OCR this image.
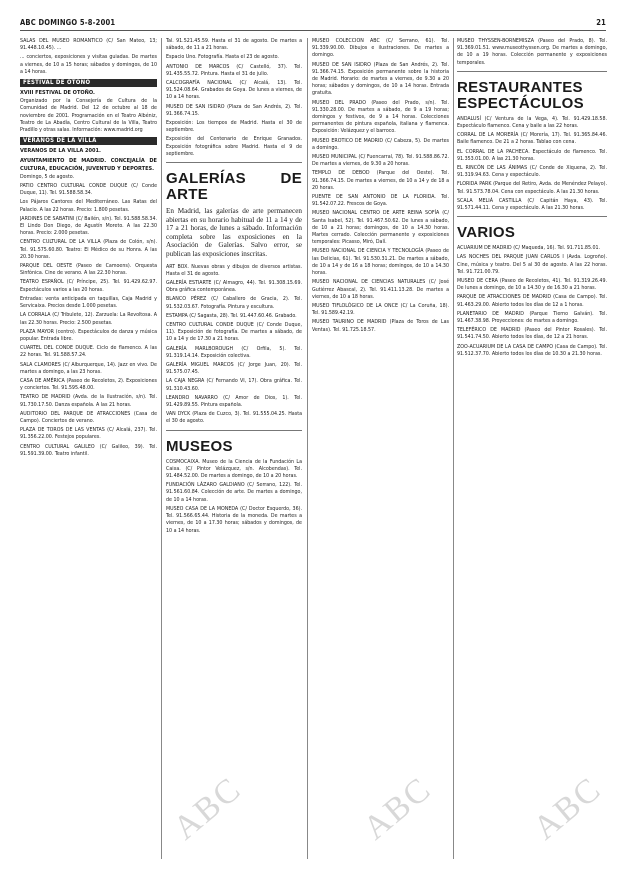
ABC DOMINGO 5-8-2001	21
SALAS DEL MUSEO ROMÁNTICO (C/ San Mateo, 13; 91.448.10.45). ...
... conciertos, exposiciones y visitas guiadas. De martes a viernes, de 10 a 15 horas; sábados y domingos, de 10 a 14 horas.
FESTIVAL DE OTOÑO
XVIII FESTIVAL DE OTOÑO.
Organizado por la Consejería de Cultura de la Comunidad de Madrid. Del 12 de octubre al 18 de noviembre de 2001. Programación en el Teatro Albéniz, Teatro de La Abadía, Centro Cultural de la Villa, Teatro Pradillo y otras salas. Información: www.madrid.org
VERANOS DE LA VILLA
VERANOS DE LA VILLA 2001.
AYUNTAMIENTO DE MADRID. CONCEJALÍA DE CULTURA, EDUCACIÓN, JUVENTUD Y DEPORTES.
Domingo, 5 de agosto.
PATIO CENTRO CULTURAL CONDE DUQUE (C/ Conde Duque, 11). Tel. 91.588.58.34.
Los Pájaros Cantores del Mediterráneo. Las Ratas del Palacio. A las 22 horas. Precio: 1.800 pesetas.
JARDINES DE SABATINI (C/ Bailén, s/n). Tel. 91.588.58.34. El Lindo Don Diego, de Agustín Moreto. A las 22.30 horas. Precio: 2.000 pesetas.
CENTRO CULTURAL DE LA VILLA (Plaza de Colón, s/n). Tel. 91.575.60.80. Teatro: El Médico de su Honra. A las 20.30 horas.
PARQUE DEL OESTE (Paseo de Camoens). Orquesta Sinfónica. Cine de verano. A las 22.30 horas.
TEATRO ESPAÑOL (C/ Príncipe, 25). Tel. 91.429.62.97. Espectáculos varios a las 20 horas.
Entradas: venta anticipada en taquillas, Caja Madrid y Servicaixa. Precios desde 1.000 pesetas.
LA CORRALA (C/ Tribulete, 12). Zarzuela: La Revoltosa. A las 22.30 horas. Precio: 2.500 pesetas.
PLAZA MAYOR (centro). Espectáculos de danza y música popular. Entrada libre.
CUARTEL DEL CONDE DUQUE. Ciclo de flamenco. A las 22 horas. Tel. 91.588.57.24.
SALA CLAMORES (C/ Alburquerque, 14). Jazz en vivo. De martes a domingo, a las 23 horas.
CASA DE AMÉRICA (Paseo de Recoletos, 2). Exposiciones y conciertos. Tel. 91.595.48.00.
TEATRO DE MADRID (Avda. de la Ilustración, s/n). Tel. 91.730.17.50. Danza española. A las 21 horas.
AUDITORIO DEL PARQUE DE ATRACCIONES (Casa de Campo). Conciertos de verano.
PLAZA DE TOROS DE LAS VENTAS (C/ Alcalá, 237). Tel. 91.356.22.00. Festejos populares.
CENTRO CULTURAL GALILEO (C/ Galileo, 39). Tel. 91.591.39.00. Teatro infantil.
Tal. 91.521.45.59. Hasta el 31 de agosto. De martes a sábado, de 11 a 21 horas.
Espacio Uno. Fotografía. Hasta el 23 de agosto.
ANTONIO DE MARCOS (C/ Castelló, 37). Tel. 91.435.55.72. Pintura. Hasta el 31 de julio.
CALCOGRAFÍA NACIONAL (C/ Alcalá, 13). Tel. 91.524.08.64. Grabados de Goya. De lunes a viernes, de 10 a 14 horas.
MUSEO DE SAN ISIDRO (Plaza de San Andrés, 2). Tel. 91.366.74.15.
Exposición: Los tiempos de Madrid. Hasta el 30 de septiembre.
Exposición del Centenario de Enrique Granados. Exposición fotográfica sobre Madrid. Hasta el 9 de septiembre.
GALERÍAS DE ARTE
En Madrid, las galerías de arte permanecen abiertas en su horario habitual de 11 a 14 y de 17 a 21 horas, de lunes a sábado. Información completa sobre las exposiciones en la Asociación de Galerías. Salvo error, se publican las exposiciones inscritas.
ART BOX. Nuevas obras y dibujos de diversos artistas. Hasta el 31 de agosto.
GALERÍA ESTIARTE (C/ Almagro, 44). Tel. 91.308.15.69. Obra gráfica contemporánea.
BLANCO PÉREZ (C/ Caballero de Gracia, 2). Tel. 91.532.03.67. Fotografía. Pintura y escultura.
ESTAMPA (C/ Sagasta, 28). Tel. 91.447.60.46. Grabado.
CENTRO CULTURAL CONDE DUQUE (C/ Conde Duque, 11). Exposición de fotografía. De martes a sábado, de 10 a 14 y de 17.30 a 21 horas.
GALERÍA MARLBOROUGH (C/ Orfila, 5). Tel. 91.319.14.14. Exposición colectiva.
GALERÍA MIGUEL MARCOS (C/ Jorge Juan, 20). Tel. 91.575.07.45.
LA CAJA NEGRA (C/ Fernando VI, 17). Obra gráfica. Tel. 91.310.43.60.
LEANDRO NAVARRO (C/ Amor de Dios, 1). Tel. 91.429.89.55. Pintura española.
VAN DYCK (Plaza de Cuzco, 3). Tel. 91.555.04.25. Hasta el 30 de agosto.
MUSEOS
COSMOCAIXA. Museo de la Ciencia de la Fundación La Caixa. (C/ Pintor Velázquez, s/n. Alcobendas). Tel. 91.484.52.00. De martes a domingo, de 10 a 20 horas.
FUNDACIÓN LÁZARO GALDIANO (C/ Serrano, 122). Tel. 91.561.60.84. Colección de arte. De martes a domingo, de 10 a 14 horas.
MUSEO CASA DE LA MONEDA (C/ Doctor Esquerdo, 36). Tel. 91.566.65.44. Historia de la moneda. De martes a viernes, de 10 a 17.30 horas; sábados y domingos, de 10 a 14 horas.
MUSEO COLECCIÓN ABC (C/ Serrano, 61). Tel. 91.339.90.00. Dibujos e ilustraciones. De martes a domingo.
MUSEO DE SAN ISIDRO (Plaza de San Andrés, 2). Tel. 91.366.74.15. Exposición permanente sobre la historia de Madrid. Horario: de martes a viernes, de 9.30 a 20 horas; sábados y domingos, de 10 a 14 horas. Entrada gratuita.
MUSEO DEL PRADO (Paseo del Prado, s/n). Tel. 91.330.28.00. De martes a sábado, de 9 a 19 horas; domingos y festivos, de 9 a 14 horas. Colecciones permanentes de pintura española, italiana y flamenca. Exposición: Velázquez y el barroco.
MUSEO EROTICO DE MADRID (C/ Cabeza, 5). De martes a domingo.
MUSEO MUNICIPAL (C/ Fuencarral, 78). Tel. 91.588.86.72. De martes a viernes, de 9.30 a 20 horas.
TEMPLO DE DEBOD (Parque del Oeste). Tel. 91.366.74.15. De martes a viernes, de 10 a 14 y de 18 a 20 horas.
PUENTE DE SAN ANTONIO DE LA FLORIDA. Tel. 91.542.07.22. Frescos de Goya.
MUSEO NACIONAL CENTRO DE ARTE REINA SOFÍA (C/ Santa Isabel, 52). Tel. 91.467.50.62. De lunes a sábado, de 10 a 21 horas; domingos, de 10 a 14.30 horas. Martes cerrado. Colección permanente y exposiciones temporales: Picasso, Miró, Dalí.
MUSEO NACIONAL DE CIENCIA Y TECNOLOGÍA (Paseo de las Delicias, 61). Tel. 91.530.31.21. De martes a sábado, de 10 a 14 y de 16 a 18 horas; domingos, de 10 a 14.30 horas.
MUSEO NACIONAL DE CIENCIAS NATURALES (C/ José Gutiérrez Abascal, 2). Tel. 91.411.13.28. De martes a viernes, de 10 a 18 horas.
MUSEO TIFLOLÓGICO DE LA ONCE (C/ La Coruña, 18). Tel. 91.589.42.19.
MUSEO TAURINO DE MADRID (Plaza de Toros de Las Ventas). Tel. 91.725.18.57.
MUSEO THYSSEN-BORNEMISZA (Paseo del Prado, 8). Tel. 91.369.01.51. www.museothyssen.org. De martes a domingo, de 10 a 19 horas. Colección permanente y exposiciones temporales.
RESTAURANTES ESPECTÁCULOS
ANDALUSÍ (C/ Ventura de la Vega, 4). Tel. 91.429.18.58. Espectáculo flamenco. Cena y baile a las 22 horas.
CORRAL DE LA MORERÍA (C/ Morería, 17). Tel. 91.365.84.46. Baile flamenco. De 21 a 2 horas. Tablao con cena.
EL CORRAL DE LA PACHECA. Espectáculo de flamenco. Tel. 91.353.01.00. A las 21.30 horas.
EL RINCÓN DE LAS ÁNIMAS (C/ Conde de Xiquena, 2). Tel. 91.319.94.63. Cena y espectáculo.
FLORIDA PARK (Parque del Retiro, Avda. de Menéndez Pelayo). Tel. 91.573.78.04. Cena con espectáculo. A las 21.30 horas.
SCALA MELIÁ CASTILLA (C/ Capitán Haya, 43). Tel. 91.571.44.11. Cena y espectáculo. A las 21.30 horas.
VARIOS
ACUARIUM DE MADRID (C/ Maqueda, 16). Tel. 91.711.85.01.
LAS NOCHES DEL PARQUE JUAN CARLOS I (Avda. Logroño). Cine, música y teatro. Del 5 al 30 de agosto. A las 22 horas. Tel. 91.721.00.79.
MUSEO DE CERA (Paseo de Recoletos, 41). Tel. 91.319.26.49. De lunes a domingo, de 10 a 14.30 y de 16.30 a 21 horas.
PARQUE DE ATRACCIONES DE MADRID (Casa de Campo). Tel. 91.463.29.00. Abierto todos los días de 12 a 1 horas.
PLANETARIO DE MADRID (Parque Tierno Galván). Tel. 91.467.38.98. Proyecciones: de martes a domingo.
TELEFÉRICO DE MADRID (Paseo del Pintor Rosales). Tel. 91.541.74.50. Abierto todos los días, de 12 a 21 horas.
ZOO-ACUARIUM DE LA CASA DE CAMPO (Casa de Campo). Tel. 91.512.37.70. Abierto todos los días de 10.30 a 21.30 horas.
ABC	ABC	ABC
